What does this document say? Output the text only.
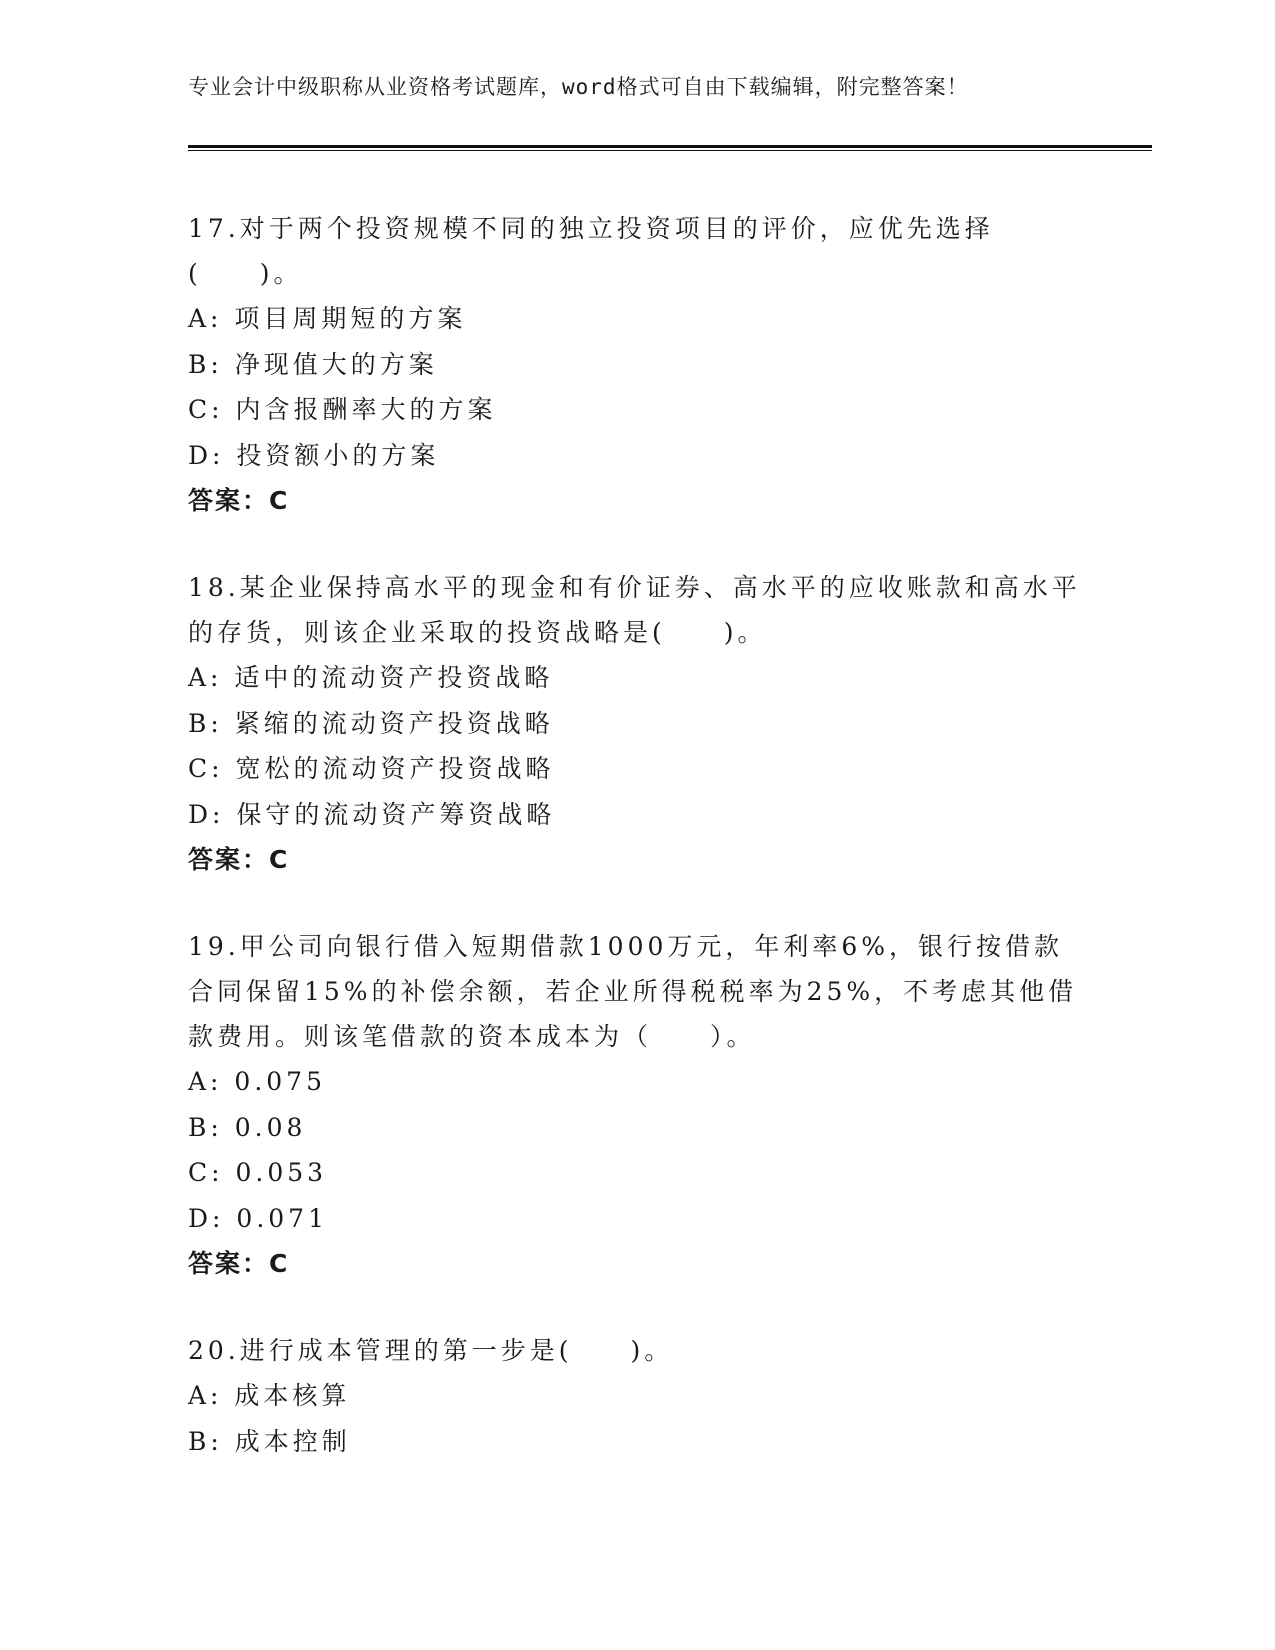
专业会计中级职称从业资格考试题库，word格式可自由下载编辑，附完整答案！

17.对于两个投资规模不同的独立投资项目的评价，应优先选择(　　)。

A: 项目周期短的方案

B: 净现值大的方案

C: 内含报酬率大的方案

D: 投资额小的方案

答案：C

18.某企业保持高水平的现金和有价证券、高水平的应收账款和高水平的存货，则该企业采取的投资战略是(　　)。

A: 适中的流动资产投资战略

B: 紧缩的流动资产投资战略

C: 宽松的流动资产投资战略

D: 保守的流动资产筹资战略

答案：C

19.甲公司向银行借入短期借款1000万元，年利率6%，银行按借款合同保留15%的补偿余额，若企业所得税税率为25%，不考虑其他借款费用。则该笔借款的资本成本为（　　）。

A: 0.075

B: 0.08

C: 0.053

D: 0.071

答案：C

20.进行成本管理的第一步是(　　)。

A: 成本核算

B: 成本控制
